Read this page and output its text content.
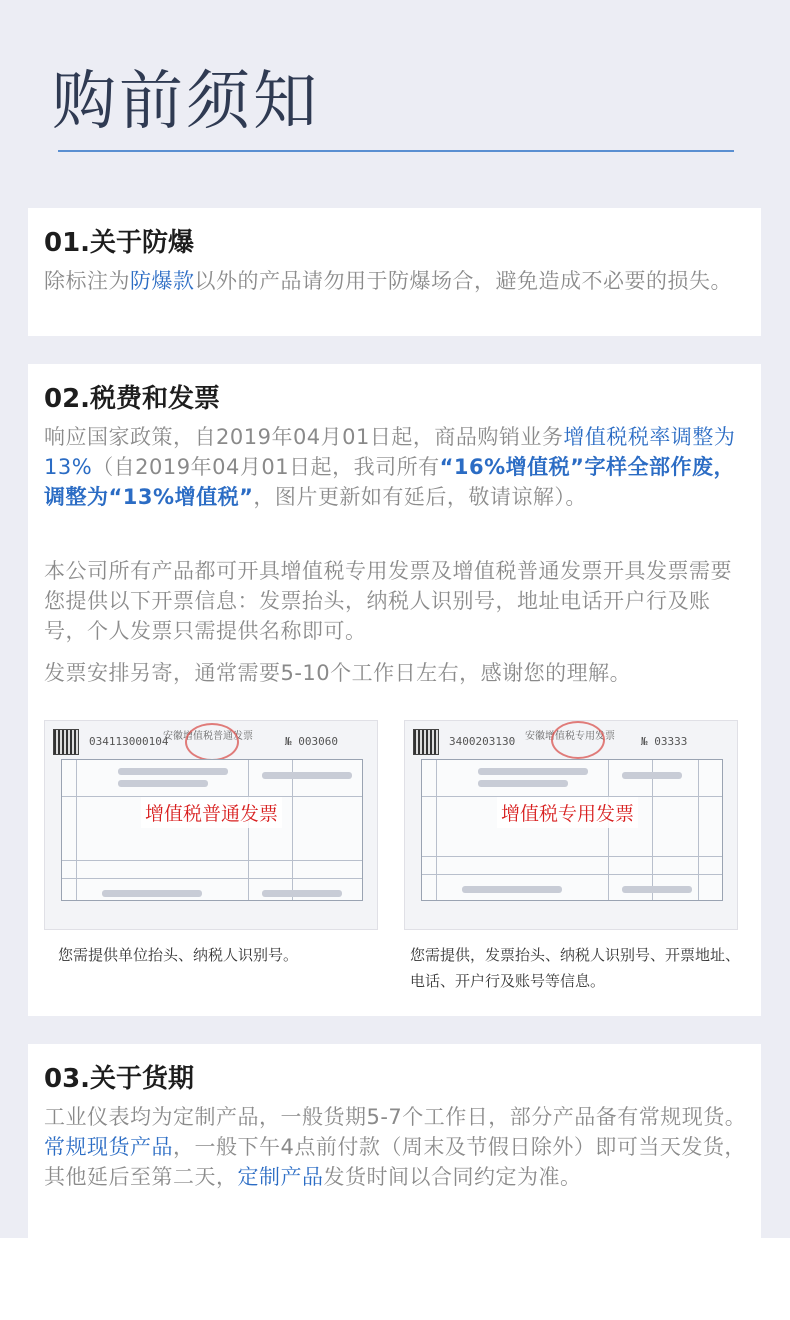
购前须知
01.关于防爆

除标注为防爆款以外的产品请勿用于防爆场合，避免造成不必要的损失。

02.税费和发票

响应国家政策，自2019年04月01日起，商品购销业务增值税税率调整为13%（自2019年04月01日起，我司所有“16%增值税”字样全部作废，调整为“13%增值税”，图片更新如有延后，敬请谅解）。

本公司所有产品都可开具增值税专用发票及增值税普通发票开具发票需要您提供以下开票信息：发票抬头，纳税人识别号，地址电话开户行及账号，个人发票只需提供名称即可。

发票安排另寄，通常需要5-10个工作日左右，感谢您的理解。

034113000104
安徽增值税普通发票	№ 003060
增值税普通发票

您需提供单位抬头、纳税人识别号。

3400203130 安徽增值税专用发票 № 03333
增值税专用发票

您需提供，发票抬头、纳税人识别号、开票地址、电话、开户行及账号等信息。

03.关于货期

工业仪表均为定制产品，一般货期5-7个工作日，部分产品备有常规现货。常规现货产品，一般下午4点前付款（周末及节假日除外）即可当天发货，其他延后至第二天，定制产品发货时间以合同约定为准。
